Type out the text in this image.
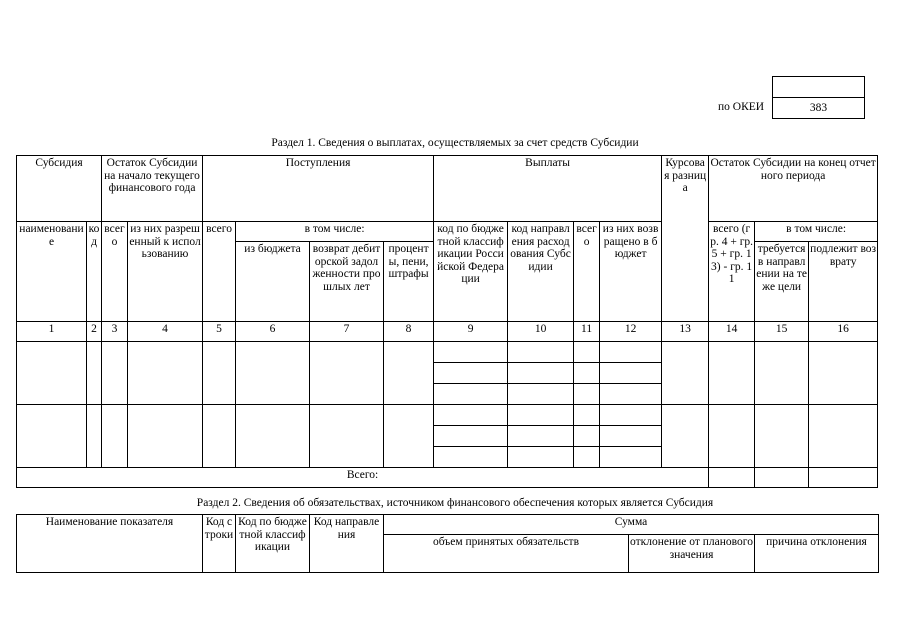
383
по ОКЕИ
Раздел 1. Сведения о выплатах, осуществляемых за счет средств Субсидии
Субсидия		Остаток Субсидии на начало текущего финансового года		Поступления				Выплаты				Курсовая разница	Остаток Субсидии на конец отчетного периода		
наименование	код	всего	из них разрешенный к использованию	всего	в том числе:			код по бюджетной классификации Российской Федерации	код направления расходования Субсидии	всего	из них возвращено в бюджет		всего (гр. 4 + гр. 5 + гр. 13) - гр. 11	в том числе:	
					из бюджета	возврат дебиторской задолженности прошлых лет	проценты, пени, штрафы							требуется в направлении на те же цели	подлежит возврату
1	2	3	4	5	6	7	8	9	10	11	12	13	14	15	16

Всего:															
Раздел 2. Сведения об обязательствах, источником финансового обеспечения которых является Субсидия
Наименование показателя	Код строки	Код по бюджетной классификации	Код направления	Сумма		
				объем принятых обязательств	отклонение от планового значения	причина отклонения
